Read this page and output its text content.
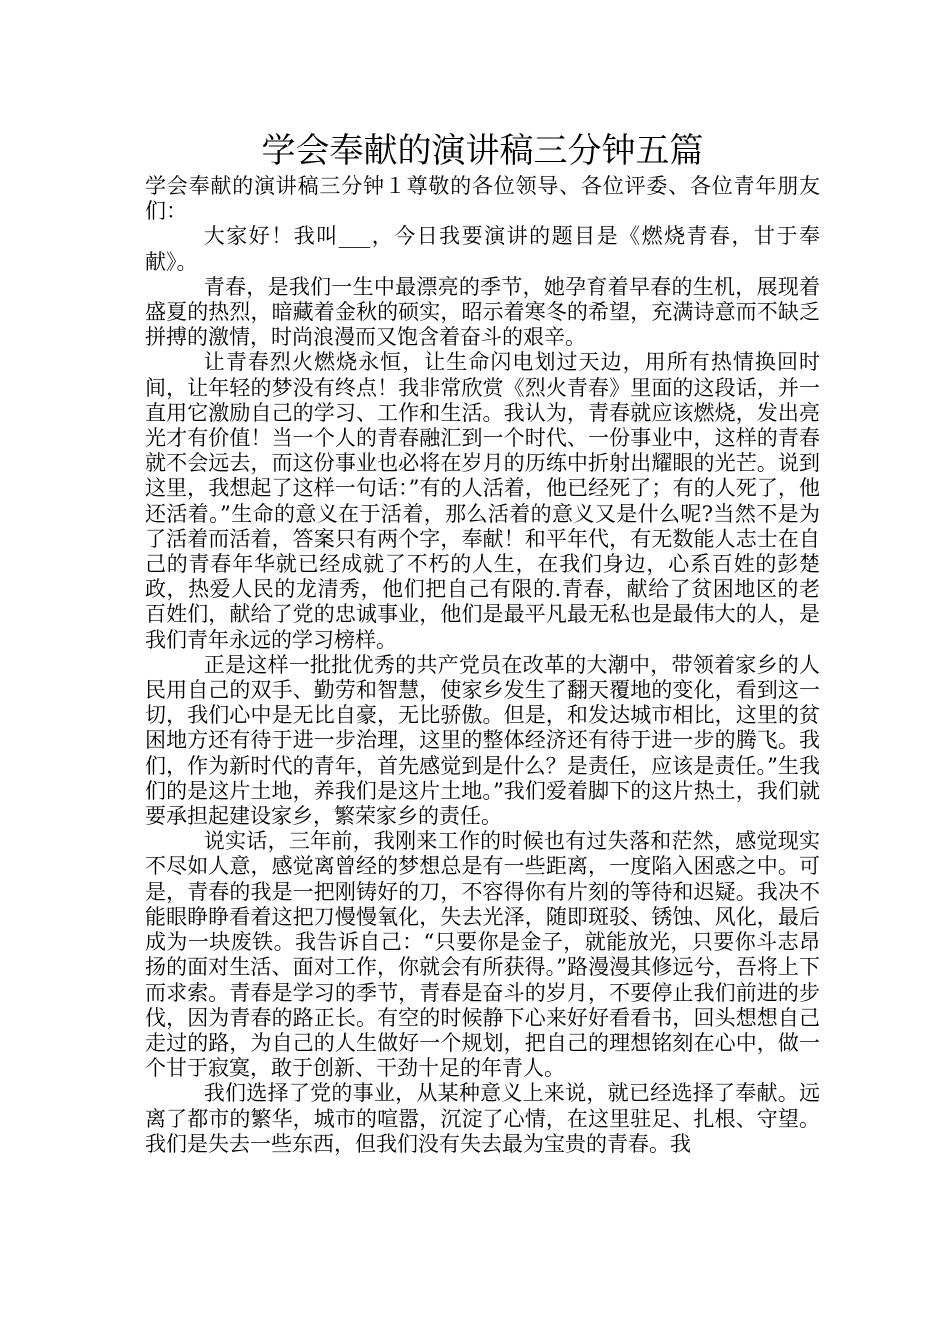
学会奉献的演讲稿三分钟五篇

学会奉献的演讲稿三分钟１尊敬的各位领导、各位评委、各位青年朋友们：

大家好！我叫___，今日我要演讲的题目是《燃烧青春，甘于奉献》。

青春，是我们一生中最漂亮的季节，她孕育着早春的生机，展现着盛夏的热烈，暗藏着金秋的硕实，昭示着寒冬的希望，充满诗意而不缺乏拼搏的激情，时尚浪漫而又饱含着奋斗的艰辛。

让青春烈火燃烧永恒，让生命闪电划过天边，用所有热情换回时间，让年轻的梦没有终点！我非常欣赏《烈火青春》里面的这段话，并一直用它激励自己的学习、工作和生活。我认为，青春就应该燃烧，发出亮光才有价值！当一个人的青春融汇到一个时代、一份事业中，这样的青春就不会远去，而这份事业也必将在岁月的历练中折射出耀眼的光芒。说到这里，我想起了这样一句话：”有的人活着，他已经死了；有的人死了，他还活着。”生命的意义在于活着，那么活着的意义又是什么呢?当然不是为了活着而活着，答案只有两个字，奉献！和平年代，有无数能人志士在自己的青春年华就已经成就了不朽的人生，在我们身边，心系百姓的彭楚政，热爱人民的龙清秀，他们把自己有限的.青春，献给了贫困地区的老百姓们，献给了党的忠诚事业，他们是最平凡最无私也是最伟大的人，是我们青年永远的学习榜样。

正是这样一批批优秀的共产党员在改革的大潮中，带领着家乡的人民用自己的双手、勤劳和智慧，使家乡发生了翻天覆地的变化，看到这一切，我们心中是无比自豪，无比骄傲。但是，和发达城市相比，这里的贫困地方还有待于进一步治理，这里的整体经济还有待于进一步的腾飞。我们，作为新时代的青年，首先感觉到是什么？是责任，应该是责任。”生我们的是这片土地，养我们是这片土地。”我们爱着脚下的这片热土，我们就要承担起建设家乡，繁荣家乡的责任。

说实话，三年前，我刚来工作的时候也有过失落和茫然，感觉现实不尽如人意，感觉离曾经的梦想总是有一些距离，一度陷入困惑之中。可是，青春的我是一把刚铸好的刀，不容得你有片刻的等待和迟疑。我决不能眼睁睁看着这把刀慢慢氧化，失去光泽，随即斑驳、锈蚀、风化，最后成为一块废铁。我告诉自己：“只要你是金子，就能放光，只要你斗志昂扬的面对生活、面对工作，你就会有所获得。”路漫漫其修远兮，吾将上下而求索。青春是学习的季节，青春是奋斗的岁月，不要停止我们前进的步伐，因为青春的路正长。有空的时候静下心来好好看看书，回头想想自己走过的路，为自己的人生做好一个规划，把自己的理想铭刻在心中，做一个甘于寂寞，敢于创新、干劲十足的年青人。

我们选择了党的事业，从某种意义上来说，就已经选择了奉献。远离了都市的繁华，城市的喧嚣，沉淀了心情，在这里驻足、扎根、守望。我们是失去一些东西，但我们没有失去最为宝贵的青春。我
